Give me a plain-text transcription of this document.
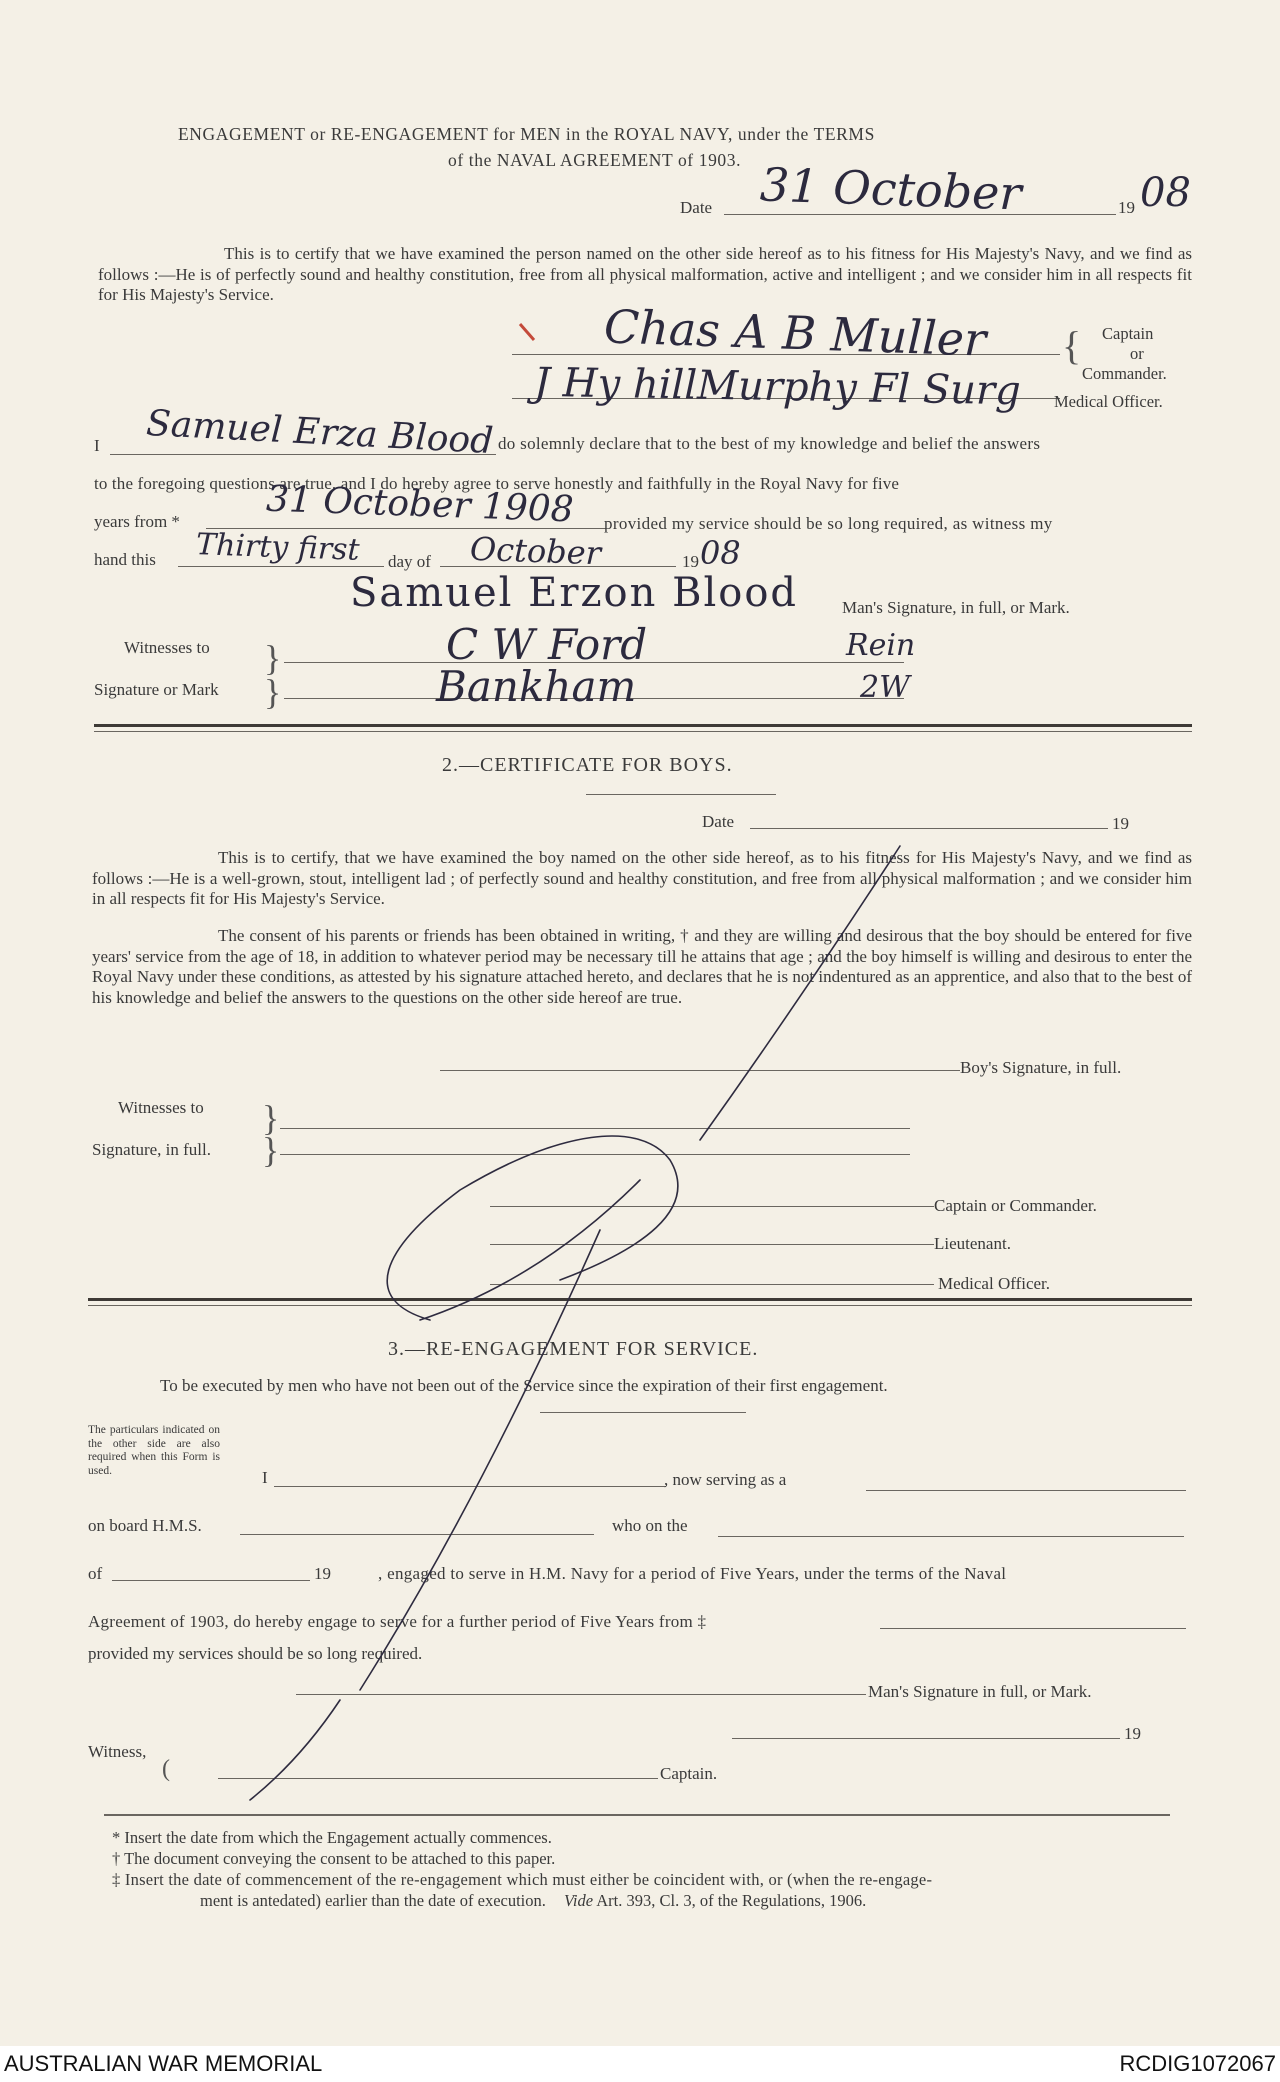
ENGAGEMENT or RE-ENGAGEMENT for MEN in the ROYAL NAVY, under the TERMS
of the NAVAL AGREEMENT of 1903.
Date 31 October	19 08
This is to certify that we have examined the person named on the other side hereof as to his fitness for His Majesty's Navy, and we find as follows :—He is of perfectly sound and healthy constitution, free from all physical malformation, active and intelligent ; and we consider him in all respects fit for His Majesty's Service.
Chas A B Muller
J Hy hillMurphy Fl Surg
{ Captain
or
Commander.
Medical Officer.
I Samuel Erza Blood do solemnly declare that to the best of my knowledge and belief the answers
to the foregoing questions are true, and I do hereby agree to serve honestly and faithfully in the Royal Navy for five
years from * 31 October 1908 provided my service should be so long required, as witness my
hand this Thirty first day of October	19 08
Samuel Erzon Blood	Man's Signature, in full, or Mark.
Witnesses to
Signature or Mark
}
}
C W Ford	Rein
Bankham	2W
2.—CERTIFICATE FOR BOYS.
Date	19
This is to certify, that we have examined the boy named on the other side hereof, as to his fitness for His Majesty's Navy, and we find as follows :—He is a well-grown, stout, intelligent lad ; of perfectly sound and healthy constitution, and free from all physical malformation ; and we consider him in all respects fit for His Majesty's Service.
The consent of his parents or friends has been obtained in writing, † and they are willing and desirous that the boy should be entered for five years' service from the age of 18, in addition to whatever period may be necessary till he attains that age ; and the boy himself is willing and desirous to enter the Royal Navy under these conditions, as attested by his signature attached hereto, and declares that he is not indentured as an apprentice, and also that to the best of his knowledge and belief the answers to the questions on the other side hereof are true.
Boy's Signature, in full.
Witnesses to
Signature, in full.
}
}
Captain or Commander.
Lieutenant.
Medical Officer.
3.—RE-ENGAGEMENT FOR SERVICE.
To be executed by men who have not been out of the Service since the expiration of their first engagement.
The particulars indicated on the other side are also required when this Form is used.	I	, now serving as a
on board H.M.S.	who on the
of	19	, engaged to serve in H.M. Navy for a period of Five Years, under the terms of the Naval
Agreement of 1903, do hereby engage to serve for a further period of Five Years from ‡
provided my services should be so long required.
Man's Signature in full, or Mark.
19
Witness,
(	Captain.
* Insert the date from which the Engagement actually commences.
† The document conveying the consent to be attached to this paper.
‡ Insert the date of commencement of the re-engagement which must either be coincident with, or (when the re-engage-
ment is antedated) earlier than the date of execution. Vide Art. 393, Cl. 3, of the Regulations, 1906.
AUSTRALIAN WAR MEMORIAL	RCDIG1072067
